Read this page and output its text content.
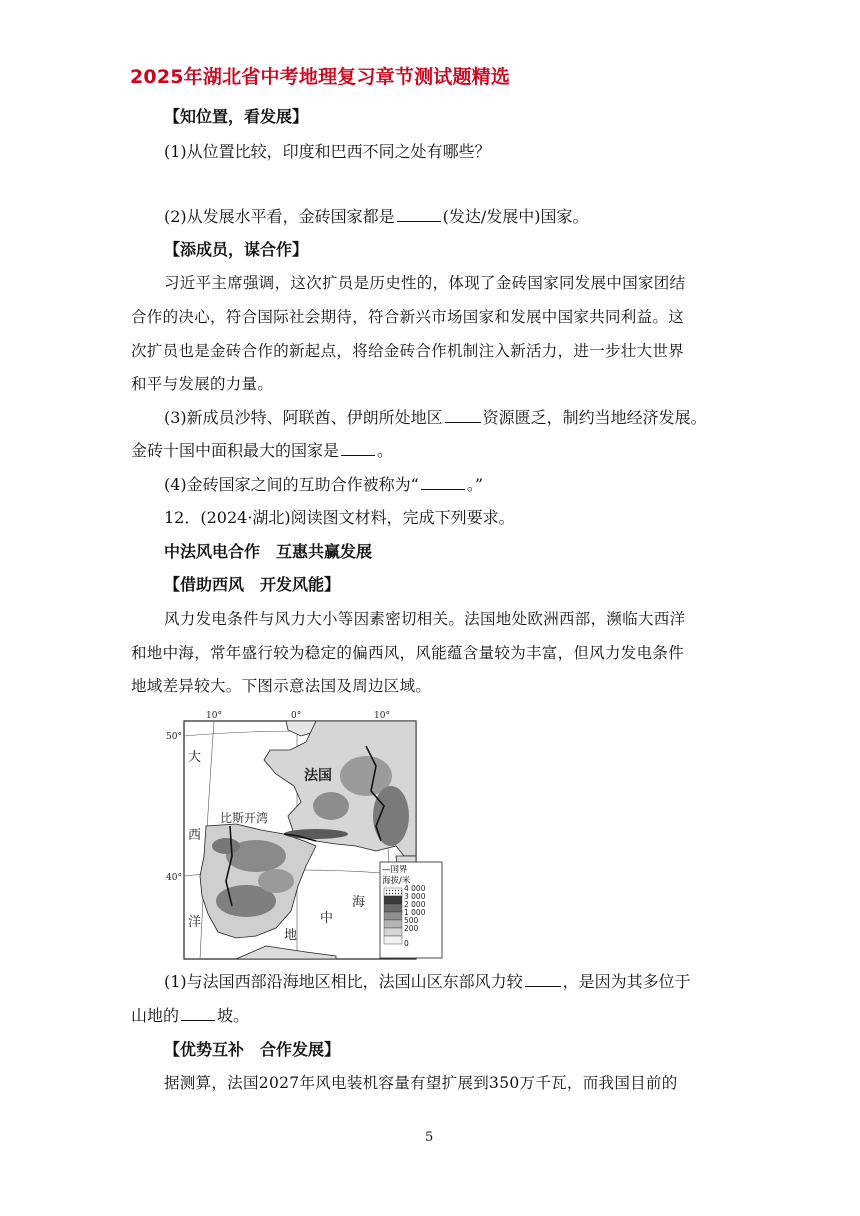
2025年湖北省中考地理复习章节测试题精选
【知位置，看发展】
(1)从位置比较，印度和巴西不同之处有哪些？
(2)从发展水平看，金砖国家都是	(发达/发展中)国家。
【添成员，谋合作】
习近平主席强调，这次扩员是历史性的，体现了金砖国家同发展中国家团结
合作的决心，符合国际社会期待，符合新兴市场国家和发展中国家共同利益。这
次扩员也是金砖合作的新起点，将给金砖合作机制注入新活力，进一步壮大世界
和平与发展的力量。
(3)新成员沙特、阿联酋、伊朗所处地区	资源匮乏，制约当地经济发展。
金砖十国中面积最大的国家是 。
(4)金砖国家之间的互助合作被称为“	。”
12．(2024·湖北)阅读图文材料，完成下列要求。
中法风电合作　互惠共赢发展
【借助西风　开发风能】
风力发电条件与风力大小等因素密切相关。法国地处欧洲西部，濒临大西洋
和地中海，常年盛行较为稳定的偏西风，风能蕴含量较为丰富，但风力发电条件
地域差异较大。下图示意法国及周边区域。
10°	0°	10°
50°
40°
法国
比斯开湾
大
西
洋	中
海
地
—国界
海拔/米
4 000
3 000
2 000
1 000
500
200
0
(1)与法国西部沿海地区相比，法国山区东部风力较	，是因为其多位于
山地的 坡。
【优势互补　合作发展】
据测算，法国2027年风电装机容量有望扩展到350万千瓦，而我国目前的
5
